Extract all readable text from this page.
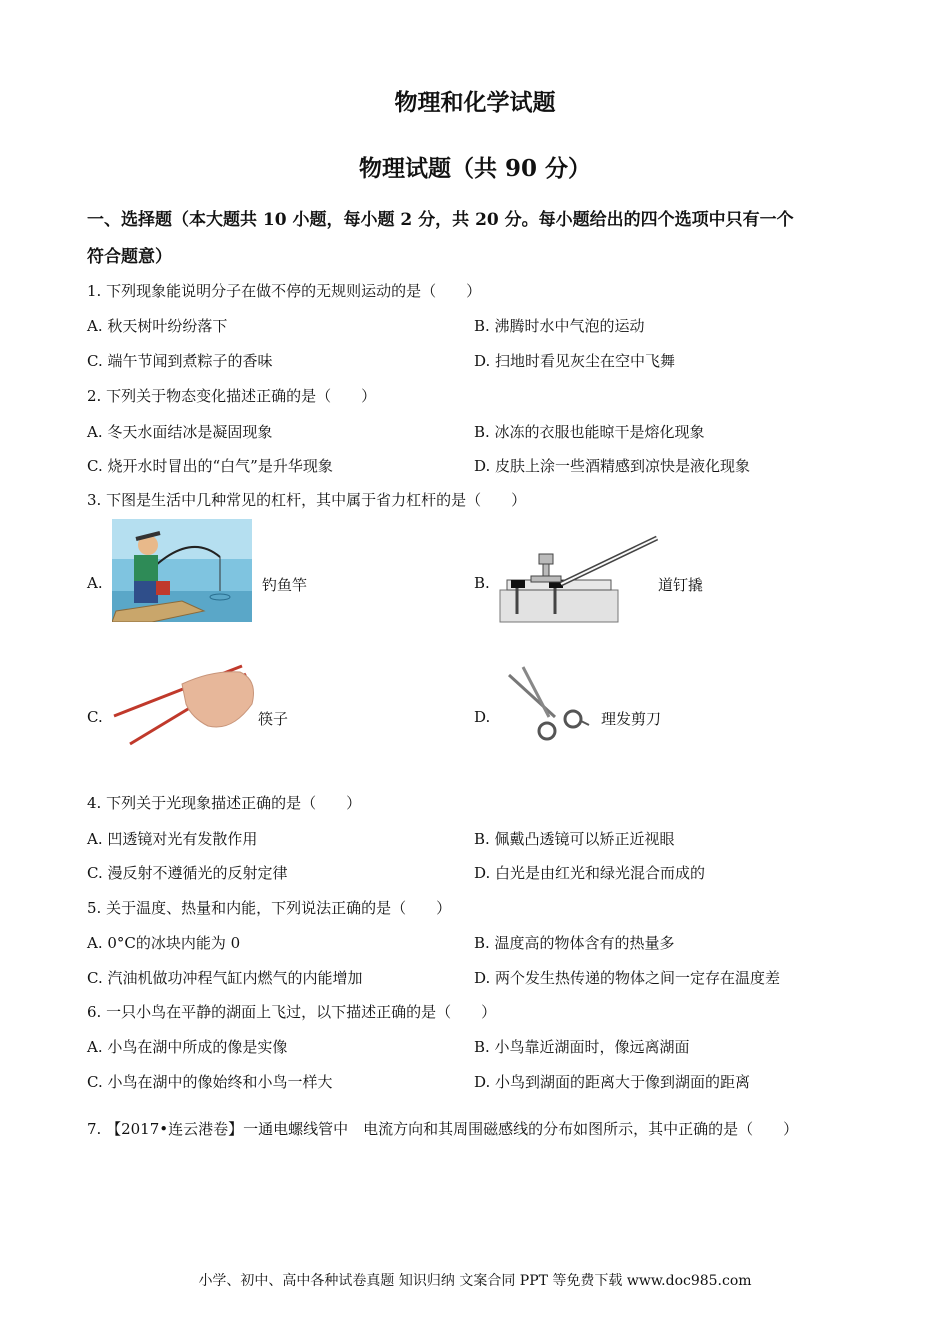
物理和化学试题
物理试题（共 90 分）
一、选择题（本大题共 10 小题，每小题 2 分，共 20 分。每小题给出的四个选项中只有一个
符合题意）
1. 下列现象能说明分子在做不停的无规则运动的是（　　）
A. 秋天树叶纷纷落下	B. 沸腾时水中气泡的运动
C. 端午节闻到煮粽子的香味	D. 扫地时看见灰尘在空中飞舞
2. 下列关于物态变化描述正确的是（　　）
A. 冬天水面结冰是凝固现象	B. 冰冻的衣服也能晾干是熔化现象
C. 烧开水时冒出的“白气”是升华现象	D. 皮肤上涂一些酒精感到凉快是液化现象
3. 下图是生活中几种常见的杠杆，其中属于省力杠杆的是（　　）
A.	钓鱼竿	B.	道钉撬
C.	筷子	D.	理发剪刀
4. 下列关于光现象描述正确的是（　　）
A. 凹透镜对光有发散作用	B. 佩戴凸透镜可以矫正近视眼
C. 漫反射不遵循光的反射定律	D. 白光是由红光和绿光混合而成的
5. 关于温度、热量和内能，下列说法正确的是（　　）
A. 0°C的冰块内能为 0	B. 温度高的物体含有的热量多
C. 汽油机做功冲程气缸内燃气的内能增加	D. 两个发生热传递的物体之间一定存在温度差
6. 一只小鸟在平静的湖面上飞过，以下描述正确的是（　　）
A. 小鸟在湖中所成的像是实像	B. 小鸟靠近湖面时，像远离湖面
C. 小鸟在湖中的像始终和小鸟一样大	D. 小鸟到湖面的距离大于像到湖面的距离
7. 【2017•连云港卷】一通电螺线管中　电流方向和其周围磁感线的分布如图所示，其中正确的是（　　）
小学、初中、高中各种试卷真题 知识归纳 文案合同 PPT 等免费下载 www.doc985.com
